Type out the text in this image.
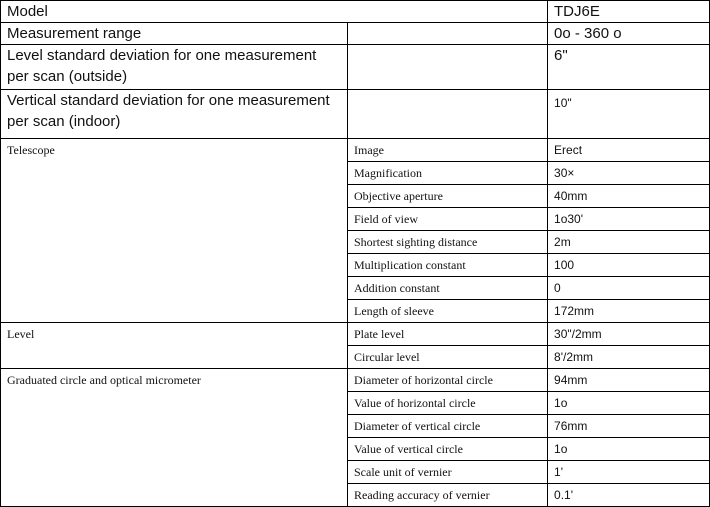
Model		TDJ6E
Measurement range		0o - 360 o
Level standard deviation for one measurement per scan (outside)		6"
Vertical standard deviation for one measurement per scan (indoor)		10"
Telescope	Image	Erect
	Magnification	30×
	Objective aperture	40mm
	Field of view	1o30'
	Shortest sighting distance	2m
	Multiplication constant	100
	Addition constant	0
	Length of sleeve	172mm
Level	Plate level	30"/2mm
	Circular level	8'/2mm
Graduated circle and optical micrometer	Diameter of horizontal circle	94mm
	Value of horizontal circle	1o
	Diameter of vertical circle	76mm
	Value of vertical circle	1o
	Scale unit of vernier	1'
	Reading accuracy of vernier	0.1'
